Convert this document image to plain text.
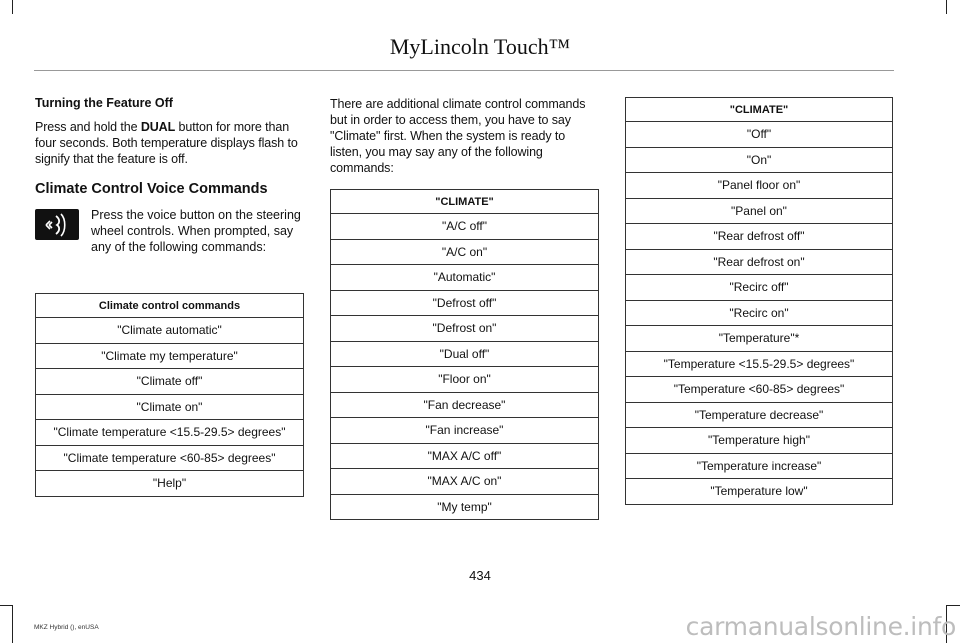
MyLincoln Touch™
Turning the Feature Off
Press and hold the DUAL button for more than four seconds. Both temperature displays flash to signify that the feature is off.
Climate Control Voice Commands
Press the voice button on the steering wheel controls. When prompted, say any of the following commands:
Climate control commands
"Climate automatic"
"Climate my temperature"
"Climate off"
"Climate on"
"Climate temperature <15.5-29.5> degrees"
"Climate temperature <60-85> degrees"
"Help"
There are additional climate control commands but in order to access them, you have to say "Climate" first. When the system is ready to listen, you may say any of the following commands:
"CLIMATE"
"A/C off"
"A/C on"
"Automatic"
"Defrost off"
"Defrost on"
"Dual off"
"Floor on"
"Fan decrease"
"Fan increase"
"MAX A/C off"
"MAX A/C on"
"My temp"
"CLIMATE"
"Off"
"On"
"Panel floor on"
"Panel on"
"Rear defrost off"
"Rear defrost on"
"Recirc off"
"Recirc on"
"Temperature"*
"Temperature <15.5-29.5> degrees"
"Temperature <60-85> degrees"
"Temperature decrease"
"Temperature high"
"Temperature increase"
"Temperature low"
434
MKZ Hybrid (), enUSA	carmanualsonline.info
